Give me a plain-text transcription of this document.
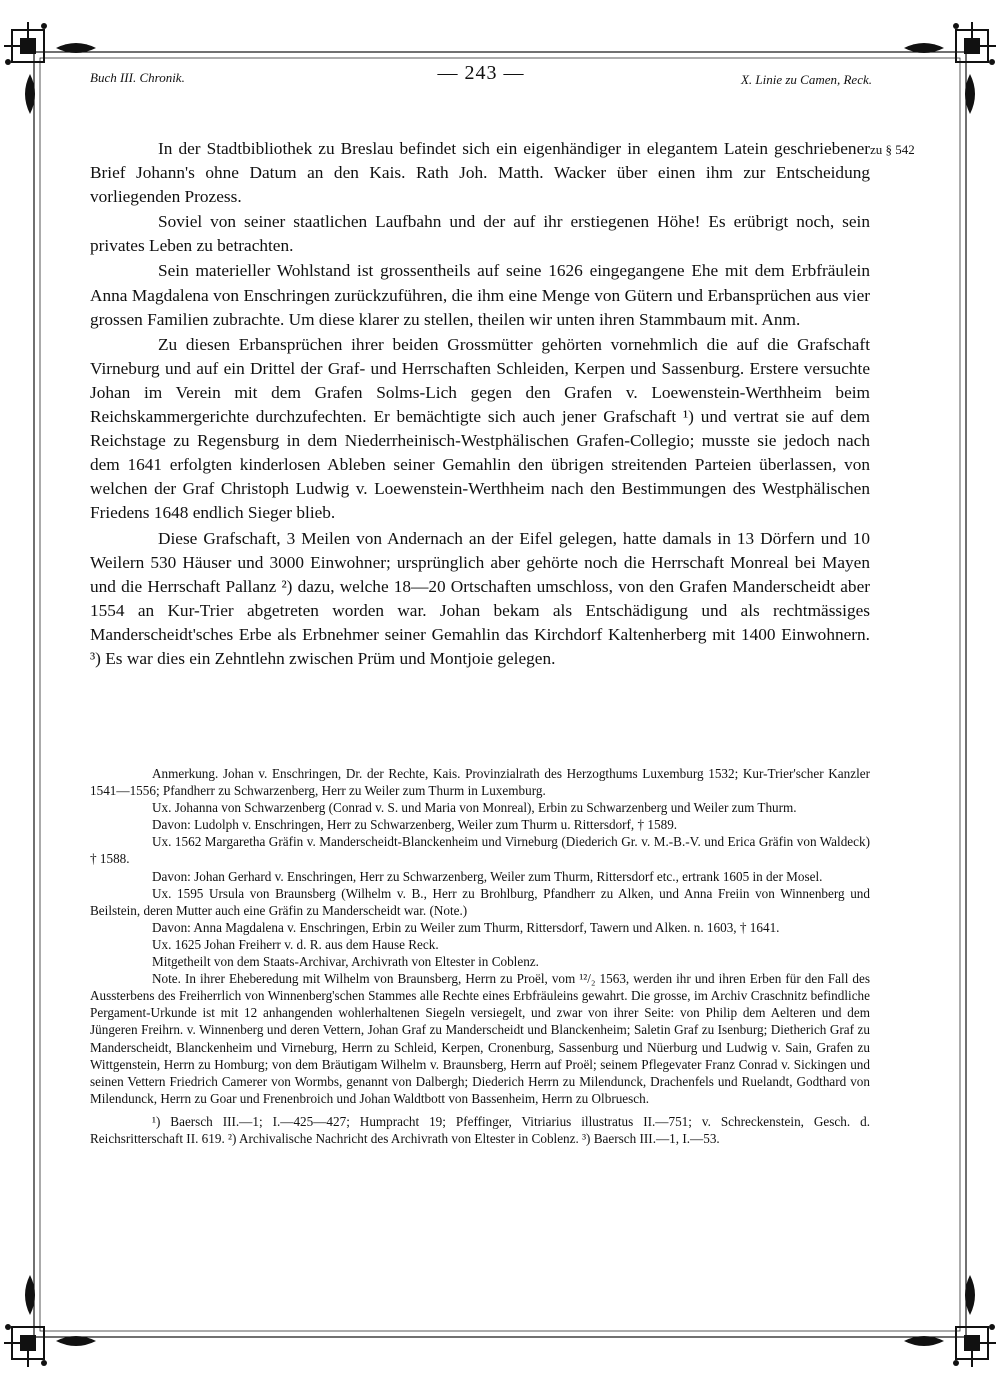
Buch III. Chronik.	— 243 —	X. Linie zu Camen, Reck.
zu § 542

In der Stadtbibliothek zu Breslau befindet sich ein eigenhändiger in elegantem Latein geschriebener Brief Johann's ohne Datum an den Kais. Rath Joh. Matth. Wacker über einen ihm zur Entscheidung vorliegenden Prozess.

Soviel von seiner staatlichen Laufbahn und der auf ihr erstiegenen Höhe! Es erübrigt noch, sein privates Leben zu betrachten.

Sein materieller Wohlstand ist grossentheils auf seine 1626 eingegangene Ehe mit dem Erbfräulein Anna Magdalena von Enschringen zurückzuführen, die ihm eine Menge von Gütern und Erbansprüchen aus vier grossen Familien zubrachte. Um diese klarer zu stellen, theilen wir unten ihren Stammbaum mit. Anm.

Zu diesen Erbansprüchen ihrer beiden Grossmütter gehörten vornehmlich die auf die Grafschaft Virneburg und auf ein Drittel der Graf- und Herrschaften Schleiden, Kerpen und Sassenburg. Erstere versuchte Johan im Verein mit dem Grafen Solms-Lich gegen den Grafen v. Loewenstein-Werthheim beim Reichskammergerichte durchzufechten. Er bemächtigte sich auch jener Grafschaft ¹) und vertrat sie auf dem Reichstage zu Regensburg in dem Niederrheinisch-Westphälischen Grafen-Collegio; musste sie jedoch nach dem 1641 erfolgten kinderlosen Ableben seiner Gemahlin den übrigen streitenden Parteien überlassen, von welchen der Graf Christoph Ludwig v. Loewenstein-Werthheim nach den Bestimmungen des Westphälischen Friedens 1648 endlich Sieger blieb.

Diese Grafschaft, 3 Meilen von Andernach an der Eifel gelegen, hatte damals in 13 Dörfern und 10 Weilern 530 Häuser und 3000 Einwohner; ursprünglich aber gehörte noch die Herrschaft Monreal bei Mayen und die Herrschaft Pallanz ²) dazu, welche 18—20 Ortschaften umschloss, von den Grafen Manderscheidt aber 1554 an Kur-Trier abgetreten worden war. Johan bekam als Entschädigung und als rechtmässiges Manderscheidt'sches Erbe als Erbnehmer seiner Gemahlin das Kirchdorf Kaltenherberg mit 1400 Einwohnern. ³) Es war dies ein Zehntlehn zwischen Prüm und Montjoie gelegen.

Anmerkung. Johan v. Enschringen, Dr. der Rechte, Kais. Provinzialrath des Herzogthums Luxemburg 1532; Kur-Trier'scher Kanzler 1541—1556; Pfandherr zu Schwarzenberg, Herr zu Weiler zum Thurm in Luxemburg.

Ux. Johanna von Schwarzenberg (Conrad v. S. und Maria von Monreal), Erbin zu Schwarzenberg und Weiler zum Thurm.

Davon: Ludolph v. Enschringen, Herr zu Schwarzenberg, Weiler zum Thurm u. Rittersdorf, † 1589.

Ux. 1562 Margaretha Gräfin v. Manderscheidt-Blanckenheim und Virneburg (Diederich Gr. v. M.-B.-V. und Erica Gräfin von Waldeck) † 1588.

Davon: Johan Gerhard v. Enschringen, Herr zu Schwarzenberg, Weiler zum Thurm, Rittersdorf etc., ertrank 1605 in der Mosel.

Ux. 1595 Ursula von Braunsberg (Wilhelm v. B., Herr zu Brohlburg, Pfandherr zu Alken, und Anna Freiin von Winnenberg und Beilstein, deren Mutter auch eine Gräfin zu Manderscheidt war. (Note.)

Davon: Anna Magdalena v. Enschringen, Erbin zu Weiler zum Thurm, Rittersdorf, Tawern und Alken. n. 1603, † 1641.

Ux. 1625 Johan Freiherr v. d. R. aus dem Hause Reck.

Mitgetheilt von dem Staats-Archivar, Archivrath von Eltester in Coblenz.

Note. In ihrer Eheberedung mit Wilhelm von Braunsberg, Herrn zu Proël, vom ¹²/₂ 1563, werden ihr und ihren Erben für den Fall des Aussterbens des Freiherrlich von Winnenberg'schen Stammes alle Rechte eines Erbfräuleins gewahrt. Die grosse, im Archiv Craschnitz befindliche Pergament-Urkunde ist mit 12 anhangenden wohlerhaltenen Siegeln versiegelt, und zwar von ihrer Seite: von Philip dem Aelteren und dem Jüngeren Freihrn. v. Winnenberg und deren Vettern, Johan Graf zu Manderscheidt und Blanckenheim; Saletin Graf zu Isenburg; Dietherich Graf zu Manderscheidt, Blanckenheim und Virneburg, Herrn zu Schleid, Kerpen, Cronenburg, Sassenburg und Nüerburg und Ludwig v. Sain, Grafen zu Wittgenstein, Herrn zu Homburg; von dem Bräutigam Wilhelm v. Braunsberg, Herrn auf Proël; seinem Pflegevater Franz Conrad v. Sickingen und seinen Vettern Friedrich Camerer von Wormbs, genannt von Dalbergh; Diederich Herrn zu Milendunck, Drachenfels und Ruelandt, Godthard von Milendunck, Herrn zu Goar und Frenenbroich und Johan Waldtbott von Bassenheim, Herrn zu Olbruesch.

¹) Baersch III.—1; I.—425—427; Humpracht 19; Pfeffinger, Vitriarius illustratus II.—751; v. Schreckenstein, Gesch. d. Reichsritterschaft II. 619. ²) Archivalische Nachricht des Archivrath von Eltester in Coblenz. ³) Baersch III.—1, I.—53.
